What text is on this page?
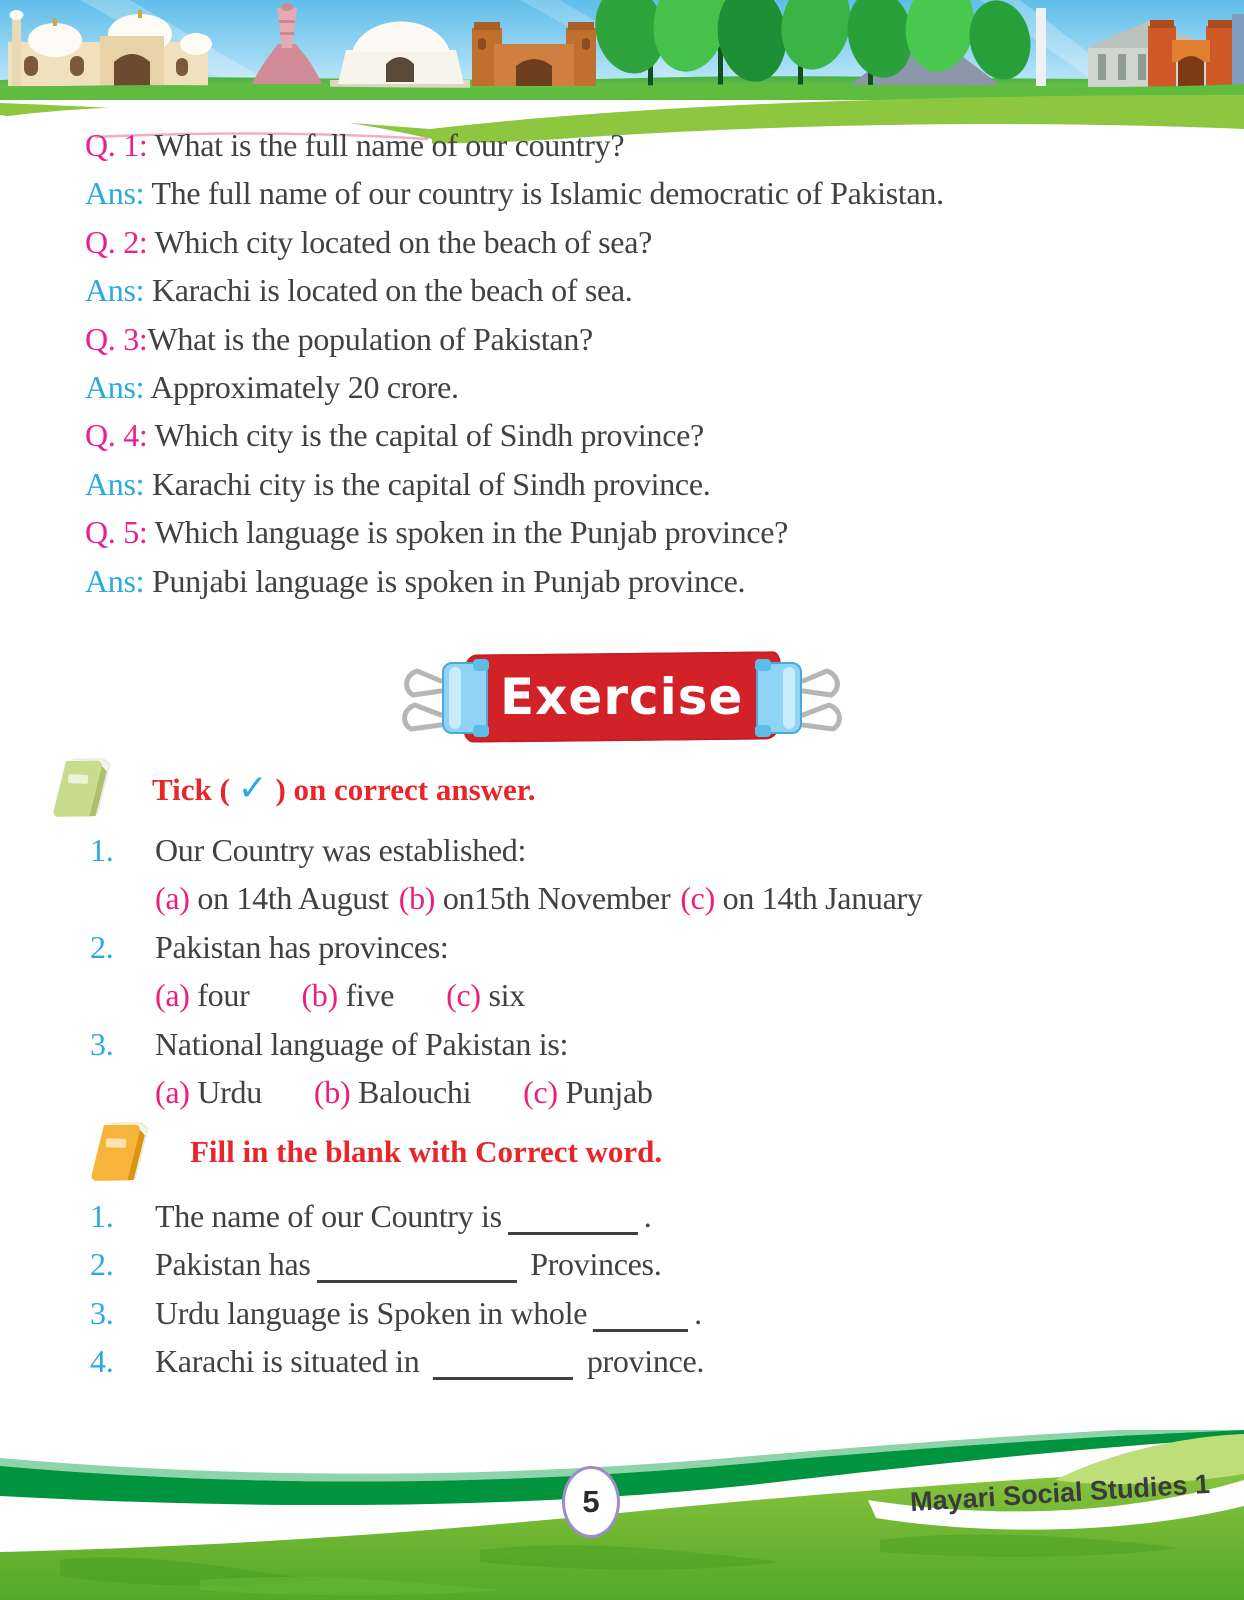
Q. 1: What is the full name of our country?
Ans: The full name of our country is Islamic democratic of Pakistan.
Q. 2: Which city located on the beach of sea?
Ans: Karachi is located on the beach of sea.
Q. 3:What is the population of Pakistan?
Ans: Approximately 20 crore.
Q. 4: Which city is the capital of Sindh province?
Ans: Karachi city is the capital of Sindh province.
Q. 5: Which language is spoken in the Punjab province?
Ans: Punjabi language is spoken in Punjab province.
Exercise
Tick ( ✓ ) on correct answer.
1. Our Country was established:
(a) on 14th August (b) on15th November (c) on 14th January
2. Pakistan has provinces:
(a) four (b) five (c) six
3. National language of Pakistan is:
(a) Urdu (b) Balouchi (c) Punjab
Fill in the blank with Correct word.
1. The name of our Country is	.
2. Pakistan has	Provinces.
3. Urdu language is Spoken in whole	.
4. Karachi is situated in	province.
5	Mayari Social Studies 1
